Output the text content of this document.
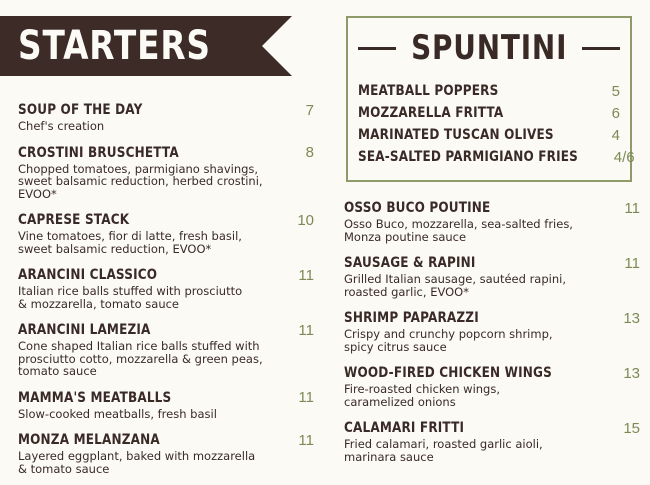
STARTERS	SPUNTINI
MEATBALL POPPERS	5
MOZZARELLA FRITTA	6
MARINATED TUSCAN OLIVES	4
SEA-SALTED PARMIGIANO FRIES 4/6
SOUP OF THE DAY	7
Chef's creation
CROSTINI BRUSCHETTA	8
Chopped tomatoes, parmigiano shavings,
sweet balsamic reduction, herbed crostini,
EVOO*
CAPRESE STACK	10
Vine tomatoes, fior di latte, fresh basil,
sweet balsamic reduction, EVOO*
ARANCINI CLASSICO	11
Italian rice balls stuffed with prosciutto
& mozzarella, tomato sauce
ARANCINI LAMEZIA	11
Cone shaped Italian rice balls stuffed with
prosciutto cotto, mozzarella & green peas,
tomato sauce
MAMMA'S MEATBALLS	11
Slow-cooked meatballs, fresh basil
MONZA MELANZANA	11
Layered eggplant, baked with mozzarella
& tomato sauce
OSSO BUCO POUTINE	11
Osso Buco, mozzarella, sea-salted fries,
Monza poutine sauce
SAUSAGE & RAPINI	11
Grilled Italian sausage, sautéed rapini,
roasted garlic, EVOO*
SHRIMP PAPARAZZI	13
Crispy and crunchy popcorn shrimp,
spicy citrus sauce
WOOD-FIRED CHICKEN WINGS	13
Fire-roasted chicken wings,
caramelized onions
CALAMARI FRITTI	15
Fried calamari, roasted garlic aioli,
marinara sauce
